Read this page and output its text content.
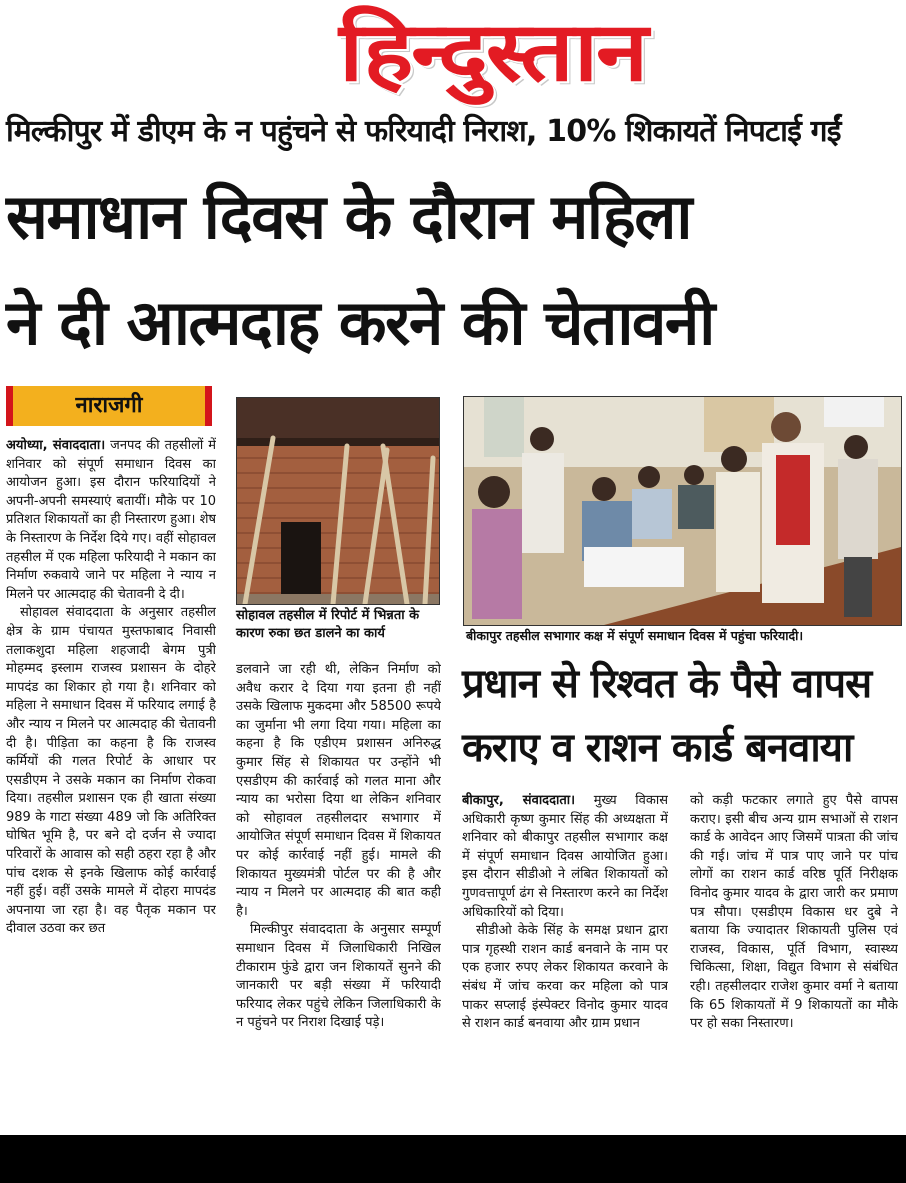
हिन्दुस्तान
मिल्कीपुर में डीएम के न पहुंचने से फरियादी निराश, 10% शिकायतें निपटाई गईं
समाधान दिवस के दौरान महिला
ने दी आत्मदाह करने की चेतावनी
नाराजगी

अयोध्या, संवाददाता। जनपद की तहसीलों में शनिवार को संपूर्ण समाधान दिवस का आयोजन हुआ। इस दौरान फरियादियों ने अपनी-अपनी समस्याएं बतायीं। मौके पर 10 प्रतिशत शिकायतों का ही निस्तारण हुआ। शेष के निस्तारण के निर्देश दिये गए। वहीं सोहावल तहसील में एक महिला फरियादी ने मकान का निर्माण रुकवाये जाने पर महिला ने न्याय न मिलने पर आत्मदाह की चेतावनी दे दी।

सोहावल संवाददाता के अनुसार तहसील क्षेत्र के ग्राम पंचायत मुस्तफाबाद निवासी तलाकशुदा महिला शहजादी बेगम पुत्री मोहम्मद इस्लाम राजस्व प्रशासन के दोहरे मापदंड का शिकार हो गया है। शनिवार को महिला ने समाधान दिवस में फरियाद लगाई है और न्याय न मिलने पर आत्मदाह की चेतावनी दी है। पीड़िता का कहना है कि राजस्व कर्मियों की गलत रिपोर्ट के आधार पर एसडीएम ने उसके मकान का निर्माण रोकवा दिया। तहसील प्रशासन एक ही खाता संख्या 989 के गाटा संख्या 489 जो कि अतिरिक्त घोषित भूमि है, पर बने दो दर्जन से ज्यादा परिवारों के आवास को सही ठहरा रहा है और पांच दशक से इनके खिलाफ कोई कार्रवाई नहीं हुई। वहीं उसके मामले में दोहरा मापदंड अपनाया जा रहा है। वह पैतृक मकान पर दीवाल उठवा कर छत

सोहावल तहसील में रिपोर्ट में भिन्नता के कारण रुका छत डालने का कार्य

डलवाने जा रही थी, लेकिन निर्माण को अवैध करार दे दिया गया इतना ही नहीं उसके खिलाफ मुकदमा और 58500 रूपये का जुर्माना भी लगा दिया गया। महिला का कहना है कि एडीएम प्रशासन अनिरुद्ध कुमार सिंह से शिकायत पर उन्होंने भी एसडीएम की कार्रवाई को गलत माना और न्याय का भरोसा दिया था लेकिन शनिवार को सोहावल तहसीलदार सभागार में आयोजित संपूर्ण समाधान दिवस में शिकायत पर कोई कार्रवाई नहीं हुई। मामले की शिकायत मुख्यमंत्री पोर्टल पर की है और न्याय न मिलने पर आत्मदाह की बात कही है।

मिल्कीपुर संवाददाता के अनुसार सम्पूर्ण समाधान दिवस में जिलाधिकारी निखिल टीकाराम फुंडे द्वारा जन शिकायतें सुनने की जानकारी पर बड़ी संख्या में फरियादी फरियाद लेकर पहुंचे लेकिन जिलाधिकारी के न पहुंचने पर निराश दिखाई पड़े।

बीकापुर तहसील सभागार कक्ष में संपूर्ण समाधान दिवस में पहुंचा फरियादी।
प्रधान से रिश्वत के पैसे वापस
कराए व राशन कार्ड बनवाया

बीकापुर, संवाददाता। मुख्य विकास अधिकारी कृष्ण कुमार सिंह की अध्यक्षता में शनिवार को बीकापुर तहसील सभागार कक्ष में संपूर्ण समाधान दिवस आयोजित हुआ। इस दौरान सीडीओ ने लंबित शिकायतों को गुणवत्तापूर्ण ढंग से निस्तारण करने का निर्देश अधिकारियों को दिया।

सीडीओ केके सिंह के समक्ष प्रधान द्वारा पात्र गृहस्थी राशन कार्ड बनवाने के नाम पर एक हजार रुपए लेकर शिकायत करवाने के संबंध में जांच करवा कर महिला को पात्र पाकर सप्लाई इंस्पेक्टर विनोद कुमार यादव से राशन कार्ड बनवाया और ग्राम प्रधान

को कड़ी फटकार लगाते हुए पैसे वापस कराए। इसी बीच अन्य ग्राम सभाओं से राशन कार्ड के आवेदन आए जिसमें पात्रता की जांच की गई। जांच में पात्र पाए जाने पर पांच लोगों का राशन कार्ड वरिष्ठ पूर्ति निरीक्षक विनोद कुमार यादव के द्वारा जारी कर प्रमाण पत्र सौपा। एसडीएम विकास धर दुबे ने बताया कि ज्यादातर शिकायती पुलिस एवं राजस्व, विकास, पूर्ति विभाग, स्वास्थ्य चिकित्सा, शिक्षा, विद्युत विभाग से संबंधित रही। तहसीलदार राजेश कुमार वर्मा ने बताया कि 65 शिकायतों में 9 शिकायतों का मौके पर हो सका निस्तारण।
